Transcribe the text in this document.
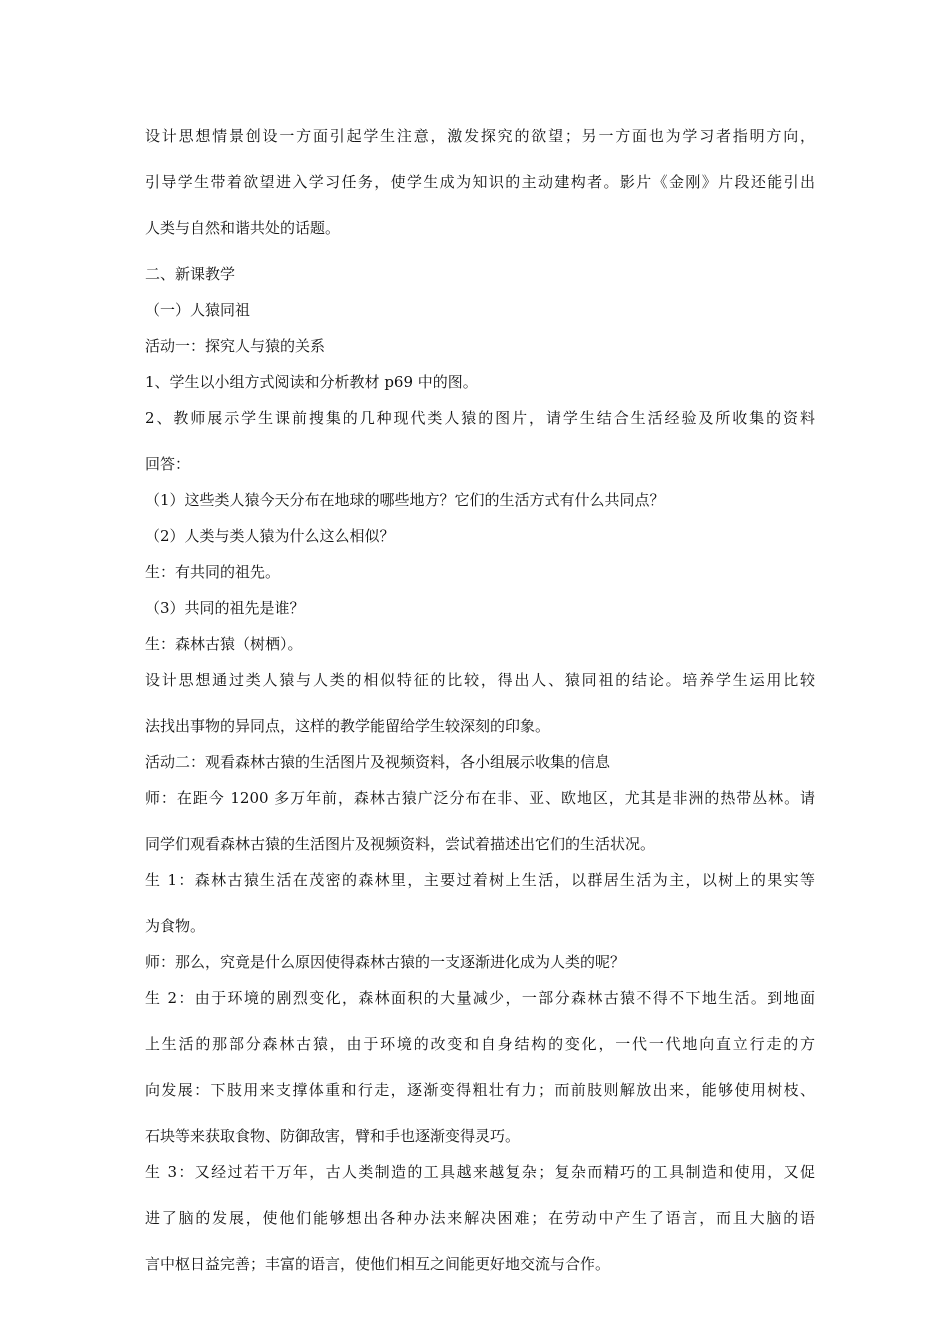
设计思想情景创设一方面引起学生注意，激发探究的欲望；另一方面也为学习者指明方向，
引导学生带着欲望进入学习任务，使学生成为知识的主动建构者。影片《金刚》片段还能引出
人类与自然和谐共处的话题。
二、新课教学
（一）人猿同祖
活动一：探究人与猿的关系
1、学生以小组方式阅读和分析教材 p69 中的图。
2、教师展示学生课前搜集的几种现代类人猿的图片，请学生结合生活经验及所收集的资料
回答：
（1）这些类人猿今天分布在地球的哪些地方？它们的生活方式有什么共同点？
（2）人类与类人猿为什么这么相似？
生：有共同的祖先。
（3）共同的祖先是谁？
生：森林古猿（树栖）。
设计思想通过类人猿与人类的相似特征的比较，得出人、猿同祖的结论。培养学生运用比较
法找出事物的异同点，这样的教学能留给学生较深刻的印象。
活动二：观看森林古猿的生活图片及视频资料，各小组展示收集的信息
师：在距今 1200 多万年前，森林古猿广泛分布在非、亚、欧地区，尤其是非洲的热带丛林。请
同学们观看森林古猿的生活图片及视频资料，尝试着描述出它们的生活状况。
生 1：森林古猿生活在茂密的森林里，主要过着树上生活，以群居生活为主，以树上的果实等
为食物。
师：那么，究竟是什么原因使得森林古猿的一支逐渐进化成为人类的呢？
生 2：由于环境的剧烈变化，森林面积的大量减少，一部分森林古猿不得不下地生活。到地面
上生活的那部分森林古猿，由于环境的改变和自身结构的变化，一代一代地向直立行走的方
向发展：下肢用来支撑体重和行走，逐渐变得粗壮有力；而前肢则解放出来，能够使用树枝、
石块等来获取食物、防御敌害，臂和手也逐渐变得灵巧。
生 3：又经过若干万年，古人类制造的工具越来越复杂；复杂而精巧的工具制造和使用，又促
进了脑的发展，使他们能够想出各种办法来解决困难；在劳动中产生了语言，而且大脑的语
言中枢日益完善；丰富的语言，使他们相互之间能更好地交流与合作。
